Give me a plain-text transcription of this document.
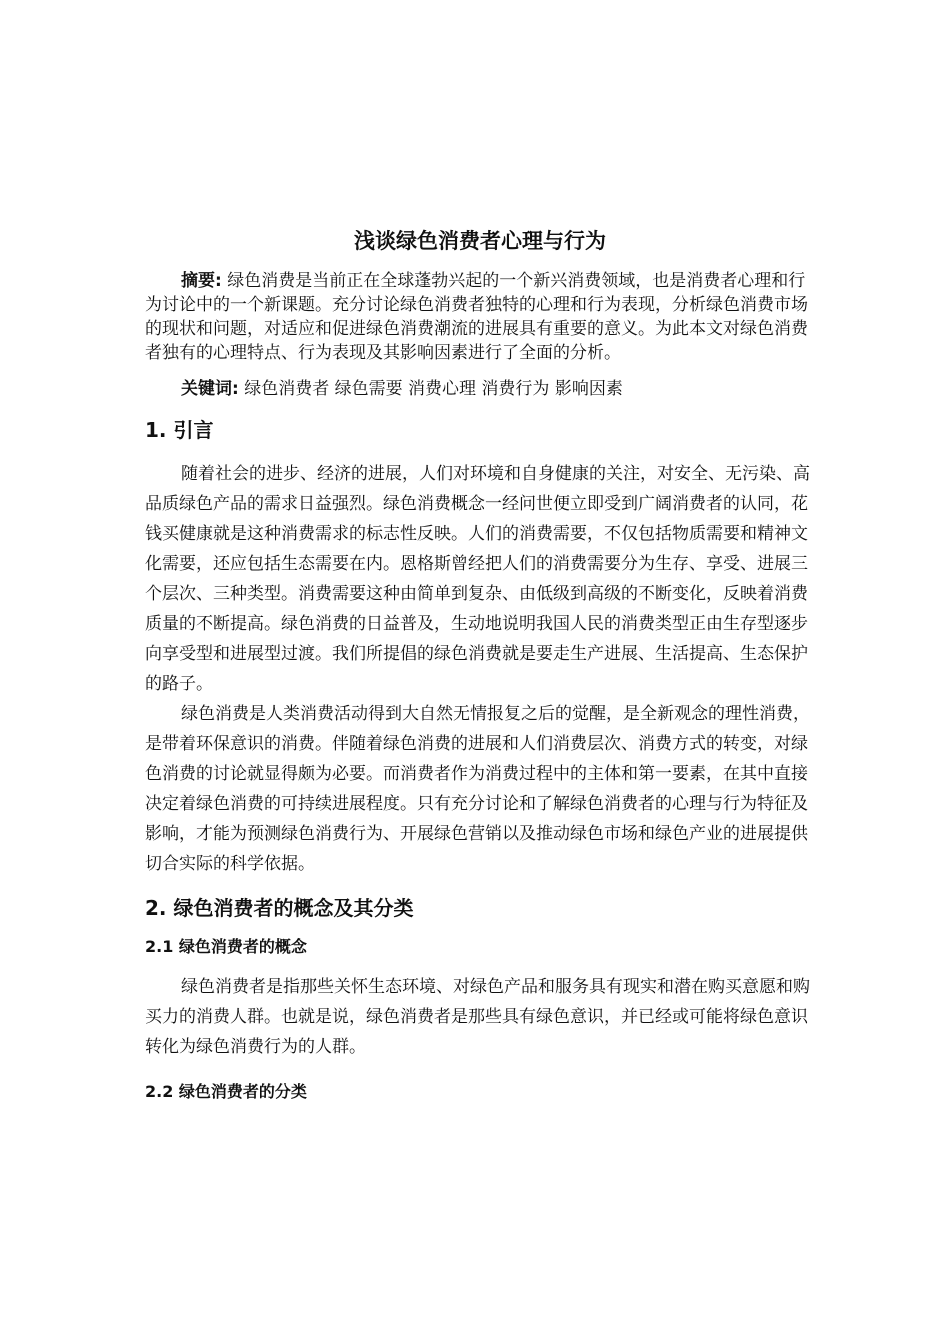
浅谈绿色消费者心理与行为

摘要: 绿色消费是当前正在全球蓬勃兴起的一个新兴消费领域，也是消费者心理和行为讨论中的一个新课题。充分讨论绿色消费者独特的心理和行为表现，分析绿色消费市场的现状和问题，对适应和促进绿色消费潮流的进展具有重要的意义。为此本文对绿色消费者独有的心理特点、行为表现及其影响因素进行了全面的分析。

关键词: 绿色消费者 绿色需要 消费心理 消费行为 影响因素

1. 引言

随着社会的进步、经济的进展，人们对环境和自身健康的关注，对安全、无污染、高品质绿色产品的需求日益强烈。绿色消费概念一经问世便立即受到广阔消费者的认同，花钱买健康就是这种消费需求的标志性反映。人们的消费需要，不仅包括物质需要和精神文化需要，还应包括生态需要在内。恩格斯曾经把人们的消费需要分为生存、享受、进展三个层次、三种类型。消费需要这种由简单到复杂、由低级到高级的不断变化，反映着消费质量的不断提高。绿色消费的日益普及，生动地说明我国人民的消费类型正由生存型逐步向享受型和进展型过渡。我们所提倡的绿色消费就是要走生产进展、生活提高、生态保护的路子。

绿色消费是人类消费活动得到大自然无情报复之后的觉醒，是全新观念的理性消费，是带着环保意识的消费。伴随着绿色消费的进展和人们消费层次、消费方式的转变，对绿色消费的讨论就显得颇为必要。而消费者作为消费过程中的主体和第一要素，在其中直接决定着绿色消费的可持续进展程度。只有充分讨论和了解绿色消费者的心理与行为特征及影响，才能为预测绿色消费行为、开展绿色营销以及推动绿色市场和绿色产业的进展提供切合实际的科学依据。

2. 绿色消费者的概念及其分类
2.1 绿色消费者的概念

绿色消费者是指那些关怀生态环境、对绿色产品和服务具有现实和潜在购买意愿和购买力的消费人群。也就是说，绿色消费者是那些具有绿色意识，并已经或可能将绿色意识转化为绿色消费行为的人群。

2.2 绿色消费者的分类
